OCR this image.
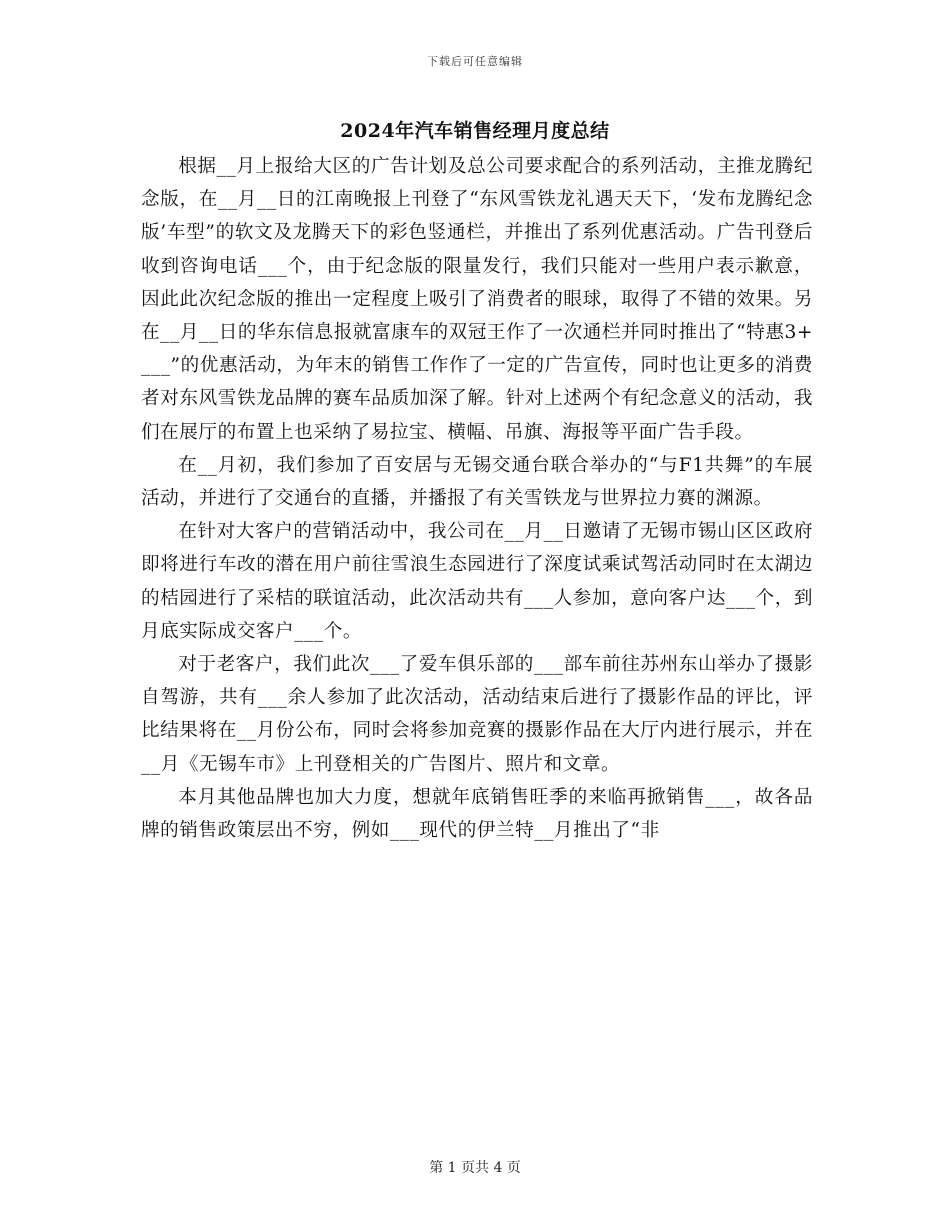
下载后可任意编辑
2024年汽车销售经理月度总结

根据__月上报给大区的广告计划及总公司要求配合的系列活动，主推龙腾纪念版，在__月__日的江南晚报上刊登了“东风雪铁龙礼遇天天下，‘发布龙腾纪念版’车型”的软文及龙腾天下的彩色竖通栏，并推出了系列优惠活动。广告刊登后收到咨询电话___个，由于纪念版的限量发行，我们只能对一些用户表示歉意，因此此次纪念版的推出一定程度上吸引了消费者的眼球，取得了不错的效果。另在__月__日的华东信息报就富康车的双冠王作了一次通栏并同时推出了“特惠3+___”的优惠活动，为年末的销售工作作了一定的广告宣传，同时也让更多的消费者对东风雪铁龙品牌的赛车品质加深了解。针对上述两个有纪念意义的活动，我们在展厅的布置上也采纳了易拉宝、横幅、吊旗、海报等平面广告手段。

在__月初，我们参加了百安居与无锡交通台联合举办的“与F1共舞”的车展活动，并进行了交通台的直播，并播报了有关雪铁龙与世界拉力赛的渊源。

在针对大客户的营销活动中，我公司在__月__日邀请了无锡市锡山区区政府即将进行车改的潜在用户前往雪浪生态园进行了深度试乘试驾活动同时在太湖边的桔园进行了采桔的联谊活动，此次活动共有___人参加，意向客户达___个，到月底实际成交客户___个。

对于老客户，我们此次___了爱车俱乐部的___部车前往苏州东山举办了摄影自驾游，共有___余人参加了此次活动，活动结束后进行了摄影作品的评比，评比结果将在__月份公布，同时会将参加竞赛的摄影作品在大厅内进行展示，并在__月《无锡车市》上刊登相关的广告图片、照片和文章。

本月其他品牌也加大力度，想就年底销售旺季的来临再掀销售___，故各品牌的销售政策层出不穷，例如___现代的伊兰特__月推出了“非

第 1 页共 4 页
